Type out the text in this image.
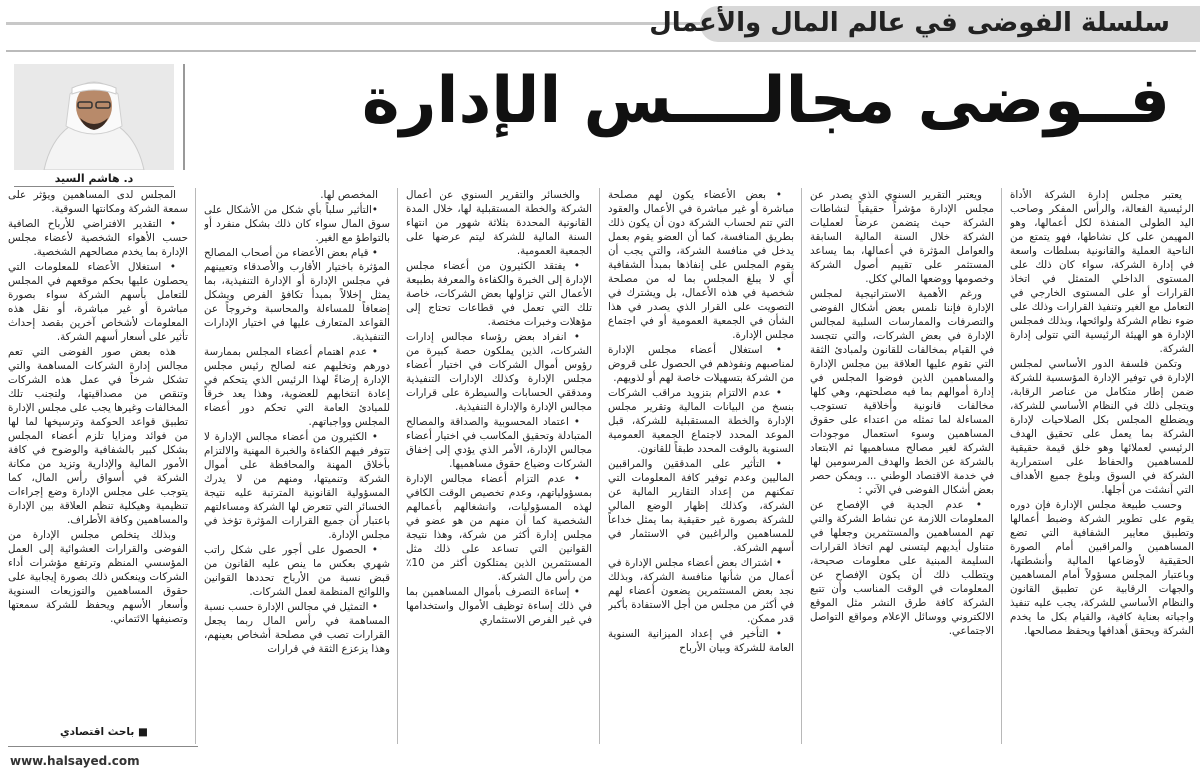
سلسلة الفوضى في عالم المال والأعمال
فــوضى مجالــــس الإدارة
د. هاشم السيد

يعتبر مجلس إدارة الشركة الأداة الرئيسية الفعالة، والرأس المفكر وصاحب اليد الطولى المنفذة لكل أعمالها، وهو المهيمن على كل نشاطها، فهو يتمتع من الناحية العملية والقانونية بسلطات واسعة في إدارة الشركة، سواء كان ذلك على المستوى الداخلي المتمثل في اتخاذ القرارات أو على المستوى الخارجي في التعامل مع الغير وتنفيذ القرارات وذلك على ضوء نظام الشركة ولوائحها، وبذلك فمجلس الإدارة هو الهيئة الرئيسية التي تتولى إدارة الشركة.

وتكمن فلسفة الدور الأساسي لمجلس الإدارة في توفير الإدارة المؤسسية للشركة ضمن إطار متكامل من عناصر الرقابة، ويتجلى ذلك في النظام الأساسي للشركة، ويضطلع المجلس بكل الصلاحيات لإدارة الشركة بما يعمل على تحقيق الهدف الرئيسي لعملائها وهو خلق قيمة حقيقية للمساهمين والحفاظ على استمرارية الشركة في السوق وبلوغ جميع الأهداف التي أنشئت من أجلها.

وحسب طبيعة مجلس الإدارة فإن دوره يقوم على تطوير الشركة وضبط أعمالها وتطبيق معايير الشفافية التي تضع المساهمين والمراقبين أمام الصورة الحقيقية لأوضاعها المالية وأنشطتها، وباعتبار المجلس مسؤولاً أمام المساهمين والجهات الرقابية عن تطبيق القانون والنظام الأساسي للشركة، يجب عليه تنفيذ واجباته بعناية كافية، والقيام بكل ما يخدم الشركة ويحقق أهدافها ويحفظ مصالحها.

ويعتبر التقرير السنوي الذي يصدر عن مجلس الإدارة مؤشراً حقيقياً لنشاطات الشركة حيث يتضمن عرضاً لعمليات الشركة خلال السنة المالية السابقة والعوامل المؤثرة في أعمالها، بما يساعد المستثمر على تقييم أصول الشركة وخصومها ووضعها المالي ككل.

ورغم الأهمية الاستراتيجية لمجلس الإدارة فإننا نلمس بعض أشكال الفوضى والتصرفات والممارسات السلبية لمجالس الإدارة في بعض الشركات، والتي تتجسد في القيام بمخالفات للقانون ولمبادئ الثقة التي تقوم عليها العلاقة بين مجلس الإدارة والمساهمين الذين فوضوا المجلس في إدارة أموالهم بما فيه مصلحتهم، وهي كلها مخالفات قانونية وأخلاقية تستوجب المساءلة لما تمثله من اعتداء على حقوق المساهمين وسوء استعمال موجودات الشركة لغير مصالح مساهميها ثم الابتعاد بالشركة عن الخط والهدف المرسومين لها في خدمة الاقتصاد الوطني ... ويمكن حصر بعض أشكال الفوضى في الآتي :

• عدم الجدية في الإفصاح عن المعلومات اللازمة عن نشاط الشركة والتي تهم المساهمين والمستثمرين وجعلها في متناول أيديهم ليتسنى لهم اتخاذ القرارات السليمة المبنية على معلومات صحيحة، ويتطلب ذلك أن يكون الإفصاح عن المعلومات في الوقت المناسب وأن تتبع الشركة كافة طرق النشر مثل الموقع الالكتروني ووسائل الإعلام ومواقع التواصل الاجتماعي.

• بعض الأعضاء يكون لهم مصلحة مباشرة أو غير مباشرة في الأعمال والعقود التي تتم لحساب الشركة دون أن يكون ذلك بطريق المنافسة، كما أن العضو يقوم بعمل يدخل في منافسة الشركة، والتي يجب أن يقوم المجلس على إنفاذها بمبدأ الشفافية أي لا يبلغ المجلس بما له من مصلحة شخصية في هذه الأعمال، بل ويشترك في التصويت على القرار الذي يصدر في هذا الشأن في الجمعية العمومية أو في اجتماع مجلس الإدارة.

• استغلال أعضاء مجلس الإدارة لمناصبهم ونفوذهم في الحصول على قروض من الشركة بتسهيلات خاصة لهم أو لذويهم.

• عدم الالتزام بتزويد مراقب الشركات بنسخ من البيانات المالية وتقرير مجلس الإدارة والخطة المستقبلية للشركة، قبل الموعد المحدد لاجتماع الجمعية العمومية السنوية بالوقت المحدد طبقاً للقانون.

• التأثير على المدققين والمراقبين الماليين وعدم توفير كافة المعلومات التي تمكنهم من إعداد التقارير المالية عن الشركة، وكذلك إظهار الوضع المالي للشركة بصورة غير حقيقية بما يمثل خداعاً للمساهمين والراغبين في الاستثمار في أسهم الشركة.

• اشتراك بعض أعضاء مجلس الإدارة في أعمال من شأنها منافسة الشركة، وبذلك نجد بعض المستثمرين يضعون أعضاء لهم في أكثر من مجلس من أجل الاستفادة بأكبر قدر ممكن.

• التأخير في إعداد الميزانية السنوية العامة للشركة وبيان الأرباح

والخسائر والتقرير السنوي عن أعمال الشركة والخطة المستقبلية لها، خلال المدة القانونية المحددة بثلاثة شهور من انتهاء السنة المالية للشركة ليتم عرضها على الجمعية العمومية.

• يفتقد الكثيرون من أعضاء مجلس الإدارة إلى الخبرة والكفاءة والمعرفة بطبيعة الأعمال التي تزاولها بعض الشركات، خاصة تلك التي تعمل في قطاعات تحتاج إلى مؤهلات وخبرات مختصة.

• انفراد بعض رؤساء مجالس إدارات الشركات، الذين يملكون حصة كبيرة من رؤوس أموال الشركات في اختيار أعضاء مجلس الإدارة وكذلك الإدارات التنفيذية ومدققي الحسابات والسيطرة على قرارات مجالس الإدارة والإدارة التنفيذية.

• اعتماد المحسوبية والصداقة والمصالح المتبادلة وتحقيق المكاسب في اختيار أعضاء مجالس الإدارة، الأمر الذي يؤدي إلى إخفاق الشركات وضياع حقوق مساهميها.

• عدم التزام أعضاء مجالس الإدارة بمسؤولياتهم، وعدم تخصيص الوقت الكافي لهذه المسؤوليات، وانشغالهم بأعمالهم الشخصية كما أن منهم من هو عضو في مجلس إدارة أكثر من شركة، وهذا نتيجة القوانين التي تساعد على ذلك مثل المستثمرين الذين يمتلكون أكثر من 10٪ من رأس مال الشركة.

• إساءة التصرف بأموال المساهمين بما في ذلك إساءة توظيف الأموال واستخدامها في غير الفرص الاستثماري

المخصص لها.

•التأثير سلباً بأي شكل من الأشكال على سوق المال سواء كان ذلك بشكل منفرد أو بالتواطؤ مع الغير.

• قيام بعض الأعضاء من أصحاب المصالح المؤثرة باختيار الأقارب والأصدقاء وتعيينهم في مجلس الإدارة أو الإدارة التنفيذية، بما يمثل إخلالاً بمبدأ تكافؤ الفرص ويشكل إضعافاً للمساءلة والمحاسبة وخروجاً عن القواعد المتعارف عليها في اختيار الإدارات التنفيذية.

• عدم اهتمام أعضاء المجلس بممارسة دورهم وتخليهم عنه لصالح رئيس مجلس الإدارة إرضاءً لهذا الرئيس الذي يتحكم في إعادة انتخابهم للعضوية، وهذا يعد خرقاً للمبادئ العامة التي تحكم دور أعضاء المجلس وواجباتهم.

• الكثيرون من أعضاء مجالس الإدارة لا تتوفر فيهم الكفاءة والخبرة المهنية والالتزام بأخلاق المهنة والمحافظة على أموال الشركة وتنميتها، ومنهم من لا يدرك المسؤولية القانونية المترتبة عليه نتيجة الخسائر التي تتعرض لها الشركة ومساءلتهم باعتبار أن جميع القرارات المؤثرة تؤخذ في مجلس الإدارة.

• الحصول على أجور على شكل راتب شهري بعكس ما ينص عليه القانون من قبض نسبة من الأرباح تحددها القوانين واللوائح المنظمة لعمل الشركات.

• التمثيل في مجالس الإدارة حسب نسبة المساهمة في رأس المال ربما يجعل القرارات تصب في مصلحة أشخاص بعينهم، وهذا يزعزع الثقة في قرارات

المجلس لدى المساهمين ويؤثر على سمعة الشركة ومكانتها السوقية.

• التقدير الافتراضي للأرباح الصافية حسب الأهواء الشخصية لأعضاء مجلس الإدارة بما يخدم مصالحهم الشخصية.

• استغلال الأعضاء للمعلومات التي يحصلون عليها بحكم موقعهم في المجلس للتعامل بأسهم الشركة سواء بصورة مباشرة أو غير مباشرة، أو نقل هذه المعلومات لأشخاص آخرين بقصد إحداث تأثير على أسعار أسهم الشركة.

هذه بعض صور الفوضى التي تعم مجالس إدارة الشركات المساهمة والتي تشكل شرخاً في عمل هذه الشركات وتنقص من مصداقيتها، ولتجنب تلك المخالفات وغيرها يجب على مجلس الإدارة تطبيق قواعد الحوكمة وترسيخها لما لها من فوائد ومزايا تلزم أعضاء المجلس بشكل كبير بالشفافية والوضوح في كافة الأمور المالية والإدارية وتزيد من مكانة الشركة في أسواق رأس المال، كما يتوجب على مجلس الإدارة وضع إجراءات تنظيمية وهيكلية تنظم العلاقة بين الإدارة والمساهمين وكافة الأطراف.

وبذلك يتخلص مجلس الإدارة من الفوضى والقرارات العشوائية إلى العمل المؤسسي المنظم وترتفع مؤشرات أداء الشركات وينعكس ذلك بصورة إيجابية على حقوق المساهمين والتوزيعات السنوية وأسعار الأسهم ويحفظ للشركة سمعتها وتصنيفها الائتماني.

■ باحث اقتصادي
www.halsayed.com
